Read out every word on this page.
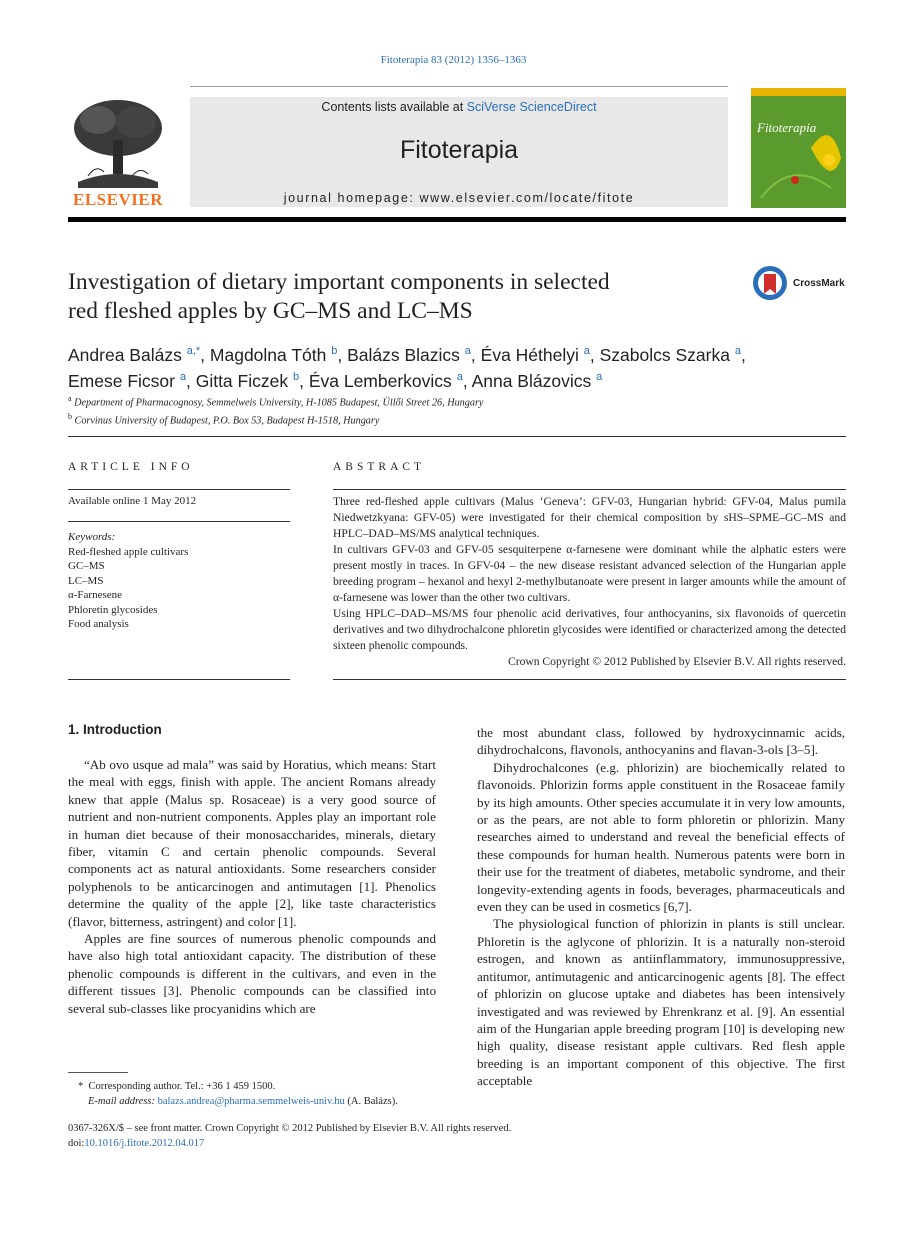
Fitoterapia 83 (2012) 1356–1363
ELSEVIER
Contents lists available at SciVerse ScienceDirect
Fitoterapia
journal homepage: www.elsevier.com/locate/fitote
Fitoterapia
Investigation of dietary important components in selected
red fleshed apples by GC–MS and LC–MS
CrossMark
Andrea Balázs $^{a,*}$, Magdolna Tóth $^b$, Balázs Blazics $^a$, Éva Héthelyi $^a$, Szabolcs Szarka $^a$,
Emese Ficsor $^a$, Gitta Ficzek $^b$, Éva Lemberkovics $^a$, Anna Blázovics $^a$
$^a$ Department of Pharmacognosy, Semmelweis University, H-1085 Budapest, Üllői Street 26, Hungary
$^b$ Corvinus University of Budapest, P.O. Box 53, Budapest H-1518, Hungary
ARTICLE INFO
Available online 1 May 2012
Keywords:
Red-fleshed apple cultivars
GC–MS
LC–MS
α-Farnesene
Phloretin glycosides
Food analysis
ABSTRACT

Three red-fleshed apple cultivars (Malus ‘Geneva’: GFV-03, Hungarian hybrid: GFV-04, Malus pumila Niedwetzkyana: GFV-05) were investigated for their chemical composition by sHS–SPME–GC–MS and HPLC–DAD–MS/MS analytical techniques.

In cultivars GFV-03 and GFV-05 sesquiterpene α-farnesene were dominant while the alphatic esters were present mostly in traces. In GFV-04 – the new disease resistant advanced selection of the Hungarian apple breeding program – hexanol and hexyl 2-methylbutanoate were present in larger amounts while the amount of α-farnesene was lower than the other two cultivars.

Using HPLC–DAD–MS/MS four phenolic acid derivatives, four anthocyanins, six flavonoids of quercetin derivatives and two dihydrochalcone phloretin glycosides were identified or characterized among the detected sixteen phenolic compounds.

Crown Copyright © 2012 Published by Elsevier B.V. All rights reserved.

1. Introduction

“Ab ovo usque ad mala” was said by Horatius, which means: Start the meal with eggs, finish with apple. The ancient Romans already knew that apple (Malus sp. Rosaceae) is a very good source of nutrient and non-nutrient components. Apples play an important role in human diet because of their monosaccharides, minerals, dietary fiber, vitamin C and certain phenolic compounds. Several components act as natural antioxidants. Some researchers consider polyphenols to be anticarcinogen and antimutagen [1]. Phenolics determine the quality of the apple [2], like taste characteristics (flavor, bitterness, astringent) and color [1].

Apples are fine sources of numerous phenolic compounds and have also high total antioxidant capacity. The distribution of these phenolic compounds is different in the cultivars, and even in the different tissues [3]. Phenolic compounds can be classified into several sub-classes like procyanidins which are

the most abundant class, followed by hydroxycinnamic acids, dihydrochalcons, flavonols, anthocyanins and flavan-3-ols [3–5].

Dihydrochalcones (e.g. phlorizin) are biochemically related to flavonoids. Phlorizin forms apple constituent in the Rosaceae family by its high amounts. Other species accumulate it in very low amounts, or as the pears, are not able to form phloretin or phlorizin. Many researches aimed to understand and reveal the beneficial effects of these compounds for human health. Numerous patents were born in their use for the treatment of diabetes, metabolic syndrome, and their longevity-extending agents in foods, beverages, pharmaceuticals and even they can be used in cosmetics [6,7].

The physiological function of phlorizin in plants is still unclear. Phloretin is the aglycone of phlorizin. It is a naturally non-steroid estrogen, and known as antiinflammatory, immunosuppressive, antitumor, antimutagenic and anticarcinogenic agents [8]. The effect of phlorizin on glucose uptake and diabetes has been intensively investigated and was reviewed by Ehrenkranz et al. [9]. An essential aim of the Hungarian apple breeding program [10] is developing new high quality, disease resistant apple cultivars. Red flesh apple breeding is an important component of this objective. The first acceptable

* Corresponding author. Tel.: +36 1 459 1500.
E-mail address: balazs.andrea@pharma.semmelweis-univ.hu (A. Balázs).
0367-326X/$ – see front matter. Crown Copyright © 2012 Published by Elsevier B.V. All rights reserved.
doi:10.1016/j.fitote.2012.04.017
